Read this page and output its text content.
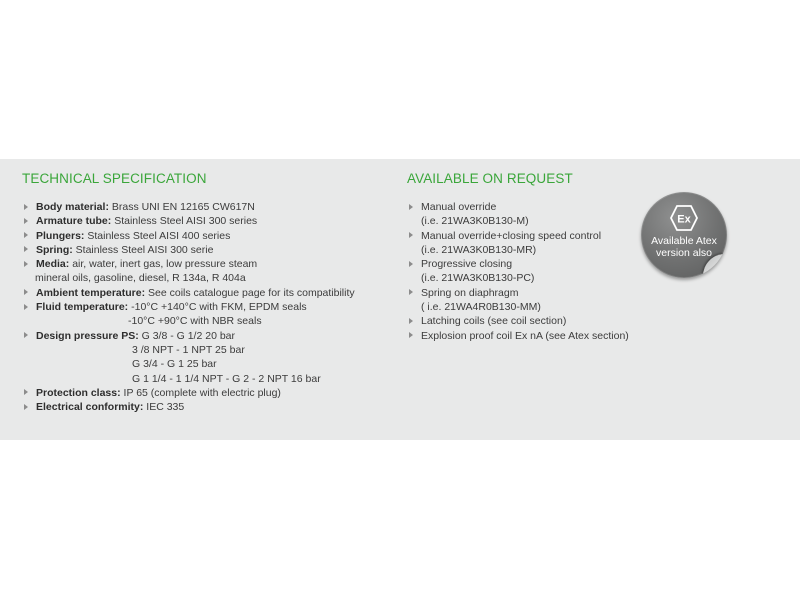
TECHNICAL SPECIFICATION
Body material: Brass UNI EN 12165 CW617N
Armature tube: Stainless Steel AISI 300 series
Plungers: Stainless Steel AISI 400 series
Spring: Stainless Steel AISI 300 serie
Media: air, water, inert gas, low pressure steam
mineral oils, gasoline, diesel, R 134a, R 404a
Ambient temperature: See coils catalogue page for its compatibility
Fluid temperature: -10°C +140°C with FKM, EPDM seals
-10°C +90°C with NBR seals
Design pressure PS: G 3/8 - G 1/2 20 bar
3 /8 NPT - 1 NPT 25 bar
G 3/4 - G 1 25 bar
G 1 1/4 - 1 1/4 NPT - G 2 - 2 NPT 16 bar
Protection class: IP 65 (complete with electric plug)
Electrical conformity: IEC 335
AVAILABLE ON REQUEST
Manual override
(i.e. 21WA3K0B130-M)
Manual override+closing speed control
(i.e. 21WA3K0B130-MR)
Progressive closing
(i.e. 21WA3K0B130-PC)
Spring on diaphragm
( i.e. 21WA4R0B130-MM)
Latching coils (see coil section)
Explosion proof coil Ex nA (see Atex section)
Ex
Available Atex
version also
